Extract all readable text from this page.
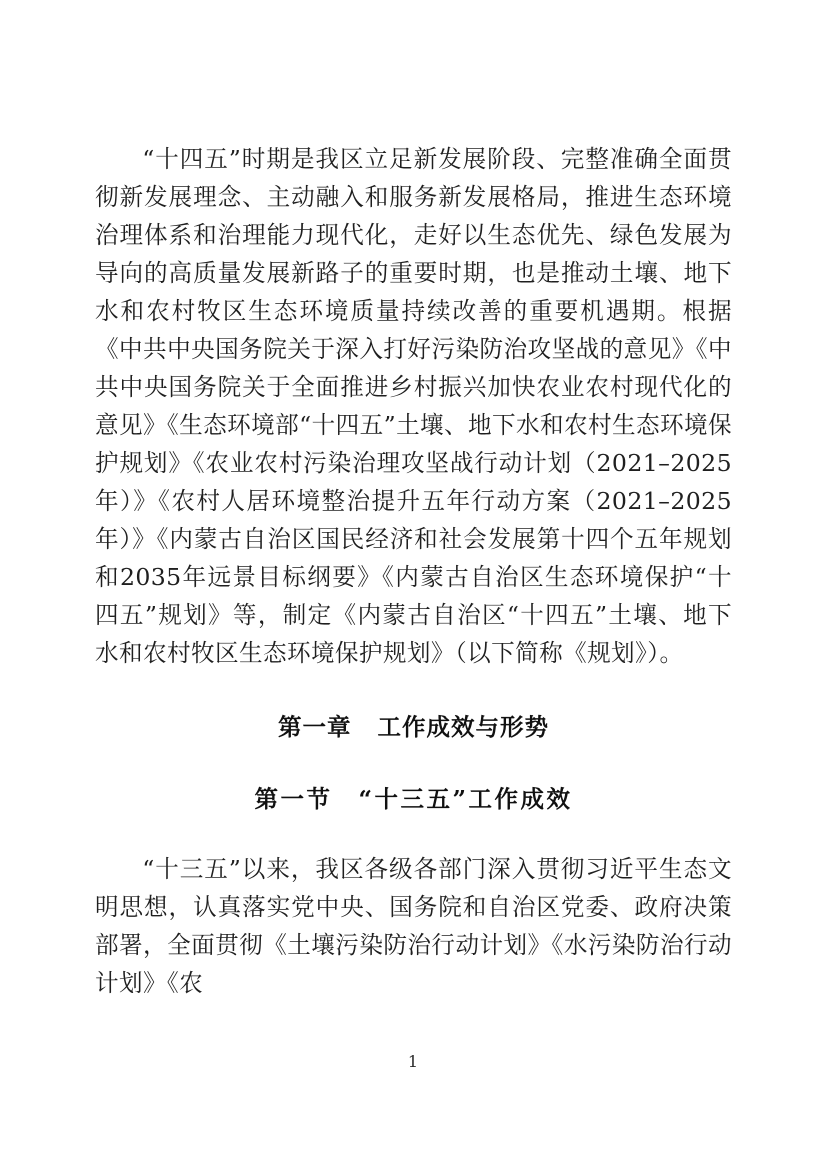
“十四五”时期是我区立足新发展阶段、完整准确全面贯彻新发展理念、主动融入和服务新发展格局，推进生态环境治理体系和治理能力现代化，走好以生态优先、绿色发展为导向的高质量发展新路子的重要时期，也是推动土壤、地下水和农村牧区生态环境质量持续改善的重要机遇期。根据《中共中央国务院关于深入打好污染防治攻坚战的意见》《中共中央国务院关于全面推进乡村振兴加快农业农村现代化的意见》《生态环境部“十四五”土壤、地下水和农村生态环境保护规划》《农业农村污染治理攻坚战行动计划（2021–2025年）》《农村人居环境整治提升五年行动方案（2021–2025年）》《内蒙古自治区国民经济和社会发展第十四个五年规划和2035年远景目标纲要》《内蒙古自治区生态环境保护“十四五”规划》等，制定《内蒙古自治区“十四五”土壤、地下水和农村牧区生态环境保护规划》（以下简称《规划》）。

第一章 工作成效与形势
第一节 “十三五”工作成效

“十三五”以来，我区各级各部门深入贯彻习近平生态文明思想，认真落实党中央、国务院和自治区党委、政府决策部署，全面贯彻《土壤污染防治行动计划》《水污染防治行动计划》《农

1
